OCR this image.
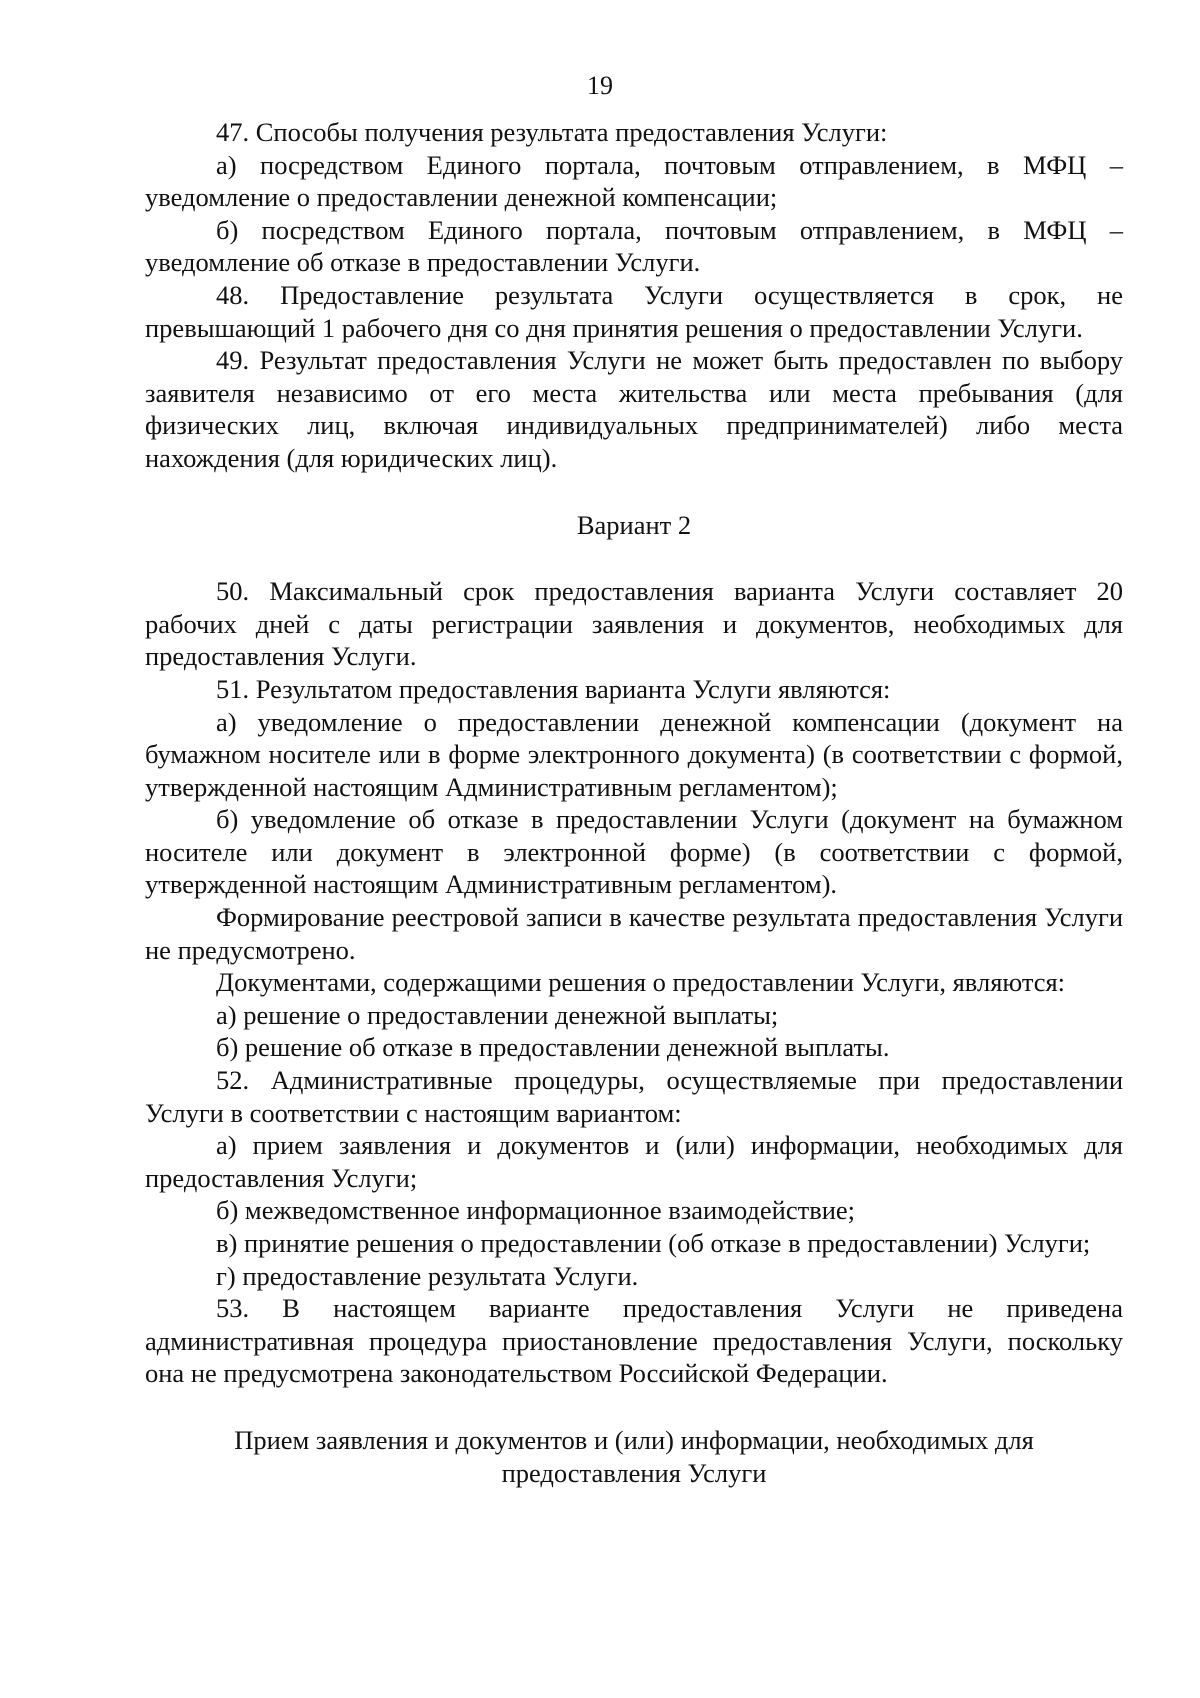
19

47. Способы получения результата предоставления Услуги:

а) посредством Единого портала, почтовым отправлением, в МФЦ – уведомление о предоставлении денежной компенсации;

б) посредством Единого портала, почтовым отправлением, в МФЦ – уведомление об отказе в предоставлении Услуги.

48. Предоставление результата Услуги осуществляется в срок, не превышающий 1 рабочего дня со дня принятия решения о предоставлении Услуги.

49. Результат предоставления Услуги не может быть предоставлен по выбору заявителя независимо от его места жительства или места пребывания (для физических лиц, включая индивидуальных предпринимателей) либо места нахождения (для юридических лиц).

Вариант 2

50. Максимальный срок предоставления варианта Услуги составляет 20 рабочих дней с даты регистрации заявления и документов, необходимых для предоставления Услуги.

51. Результатом предоставления варианта Услуги являются:

а) уведомление о предоставлении денежной компенсации (документ на бумажном носителе или в форме электронного документа) (в соответствии с формой, утвержденной настоящим Административным регламентом);

б) уведомление об отказе в предоставлении Услуги (документ на бумажном носителе или документ в электронной форме) (в соответствии с формой, утвержденной настоящим Административным регламентом).

Формирование реестровой записи в качестве результата предоставления Услуги не предусмотрено.

Документами, содержащими решения о предоставлении Услуги, являются:

а) решение о предоставлении денежной выплаты;

б) решение об отказе в предоставлении денежной выплаты.

52. Административные процедуры, осуществляемые при предоставлении Услуги в соответствии с настоящим вариантом:

а) прием заявления и документов и (или) информации, необходимых для предоставления Услуги;

б) межведомственное информационное взаимодействие;

в) принятие решения о предоставлении (об отказе в предоставлении) Услуги;

г) предоставление результата Услуги.

53. В настоящем варианте предоставления Услуги не приведена административная процедура приостановление предоставления Услуги, поскольку она не предусмотрена законодательством Российской Федерации.

Прием заявления и документов и (или) информации, необходимых для предоставления Услуги
